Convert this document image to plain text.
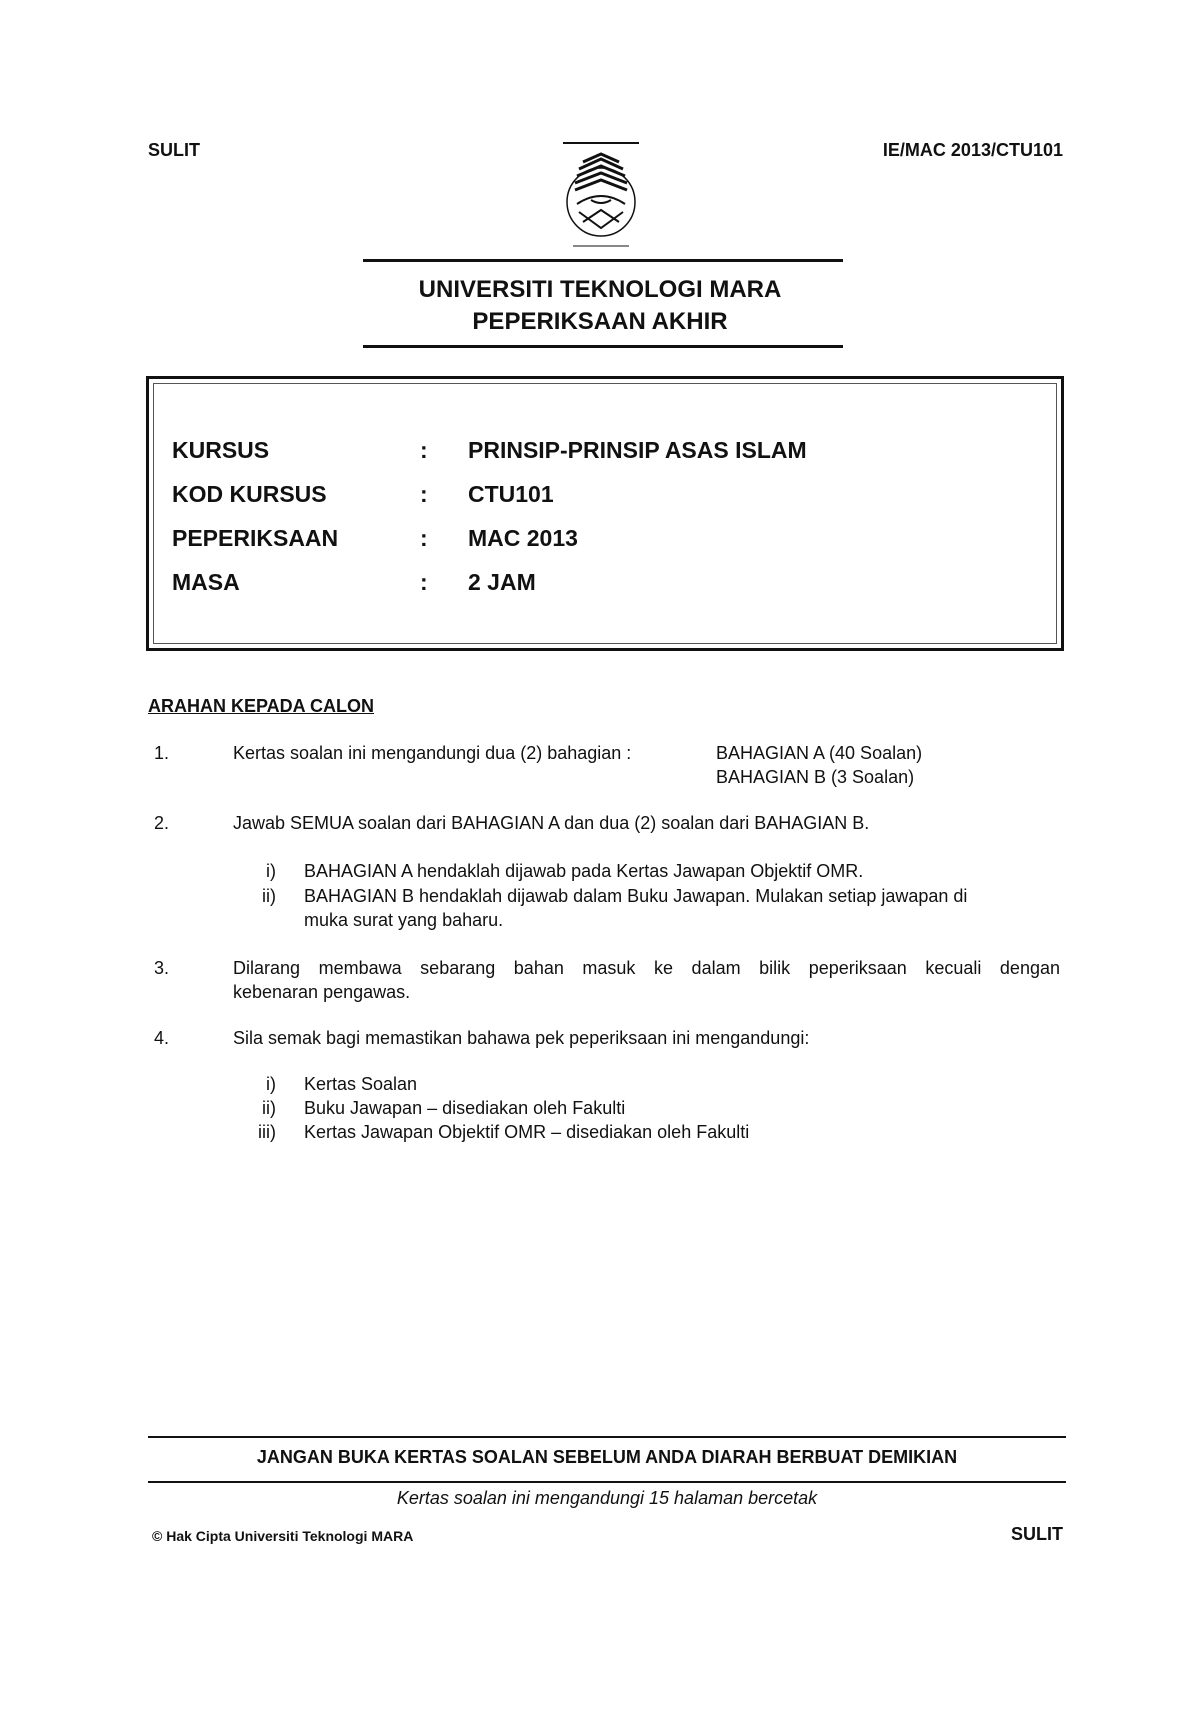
SULIT	IE/MAC 2013/CTU101
UNIVERSITI TEKNOLOGI MARA
PEPERIKSAAN AKHIR
KURSUS	: PRINSIP-PRINSIP ASAS ISLAM
KOD KURSUS	: CTU101
PEPERIKSAAN	: MAC 2013
MASA	: 2 JAM
ARAHAN KEPADA CALON
1.	Kertas soalan ini mengandungi dua (2) bahagian :	BAHAGIAN A (40 Soalan)
BAHAGIAN B (3 Soalan)
2.	Jawab SEMUA soalan dari BAHAGIAN A dan dua (2) soalan dari BAHAGIAN B.
i) BAHAGIAN A hendaklah dijawab pada Kertas Jawapan Objektif OMR.
ii) BAHAGIAN B hendaklah dijawab dalam Buku Jawapan. Mulakan setiap jawapan di
muka surat yang baharu.
3.	Dilarang membawa sebarang bahan masuk ke dalam bilik peperiksaan kecuali dengan
kebenaran pengawas.
4.	Sila semak bagi memastikan bahawa pek peperiksaan ini mengandungi:
i) Kertas Soalan
ii) Buku Jawapan – disediakan oleh Fakulti
iii) Kertas Jawapan Objektif OMR – disediakan oleh Fakulti
JANGAN BUKA KERTAS SOALAN SEBELUM ANDA DIARAH BERBUAT DEMIKIAN
Kertas soalan ini mengandungi 15 halaman bercetak
© Hak Cipta Universiti Teknologi MARA	SULIT
